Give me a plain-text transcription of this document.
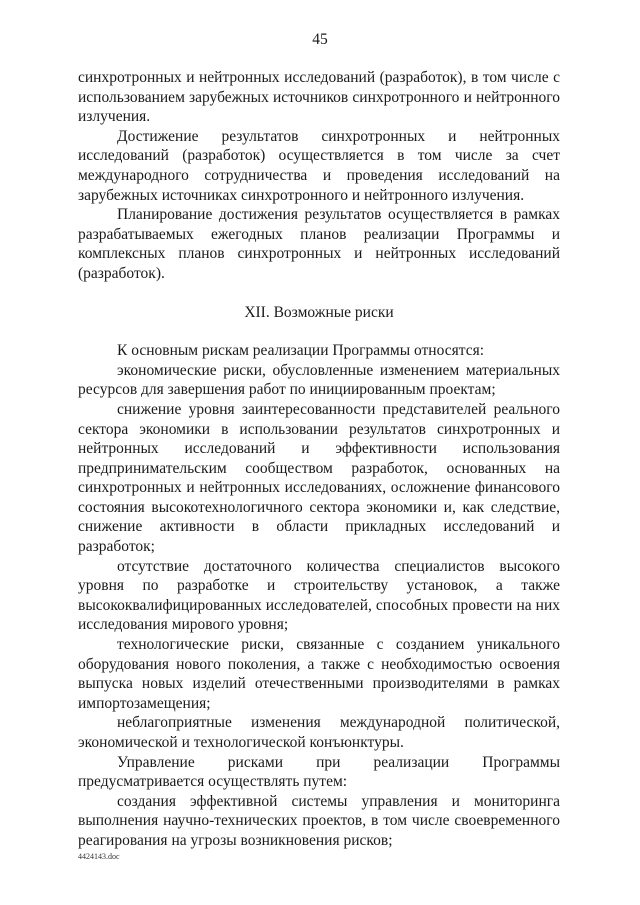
45

синхротронных и нейтронных исследований (разработок), в том числе с использованием зарубежных источников синхротронного и нейтронного излучения.

Достижение результатов синхротронных и нейтронных исследований (разработок) осуществляется в том числе за счет международного сотрудничества и проведения исследований на зарубежных источниках синхротронного и нейтронного излучения.

Планирование достижения результатов осуществляется в рамках разрабатываемых ежегодных планов реализации Программы и комплексных планов синхротронных и нейтронных исследований (разработок).

XII. Возможные риски

К основным рискам реализации Программы относятся:

экономические риски, обусловленные изменением материальных ресурсов для завершения работ по инициированным проектам;

снижение уровня заинтересованности представителей реального сектора экономики в использовании результатов синхротронных и нейтронных исследований и эффективности использования предпринимательским сообществом разработок, основанных на синхротронных и нейтронных исследованиях, осложнение финансового состояния высокотехнологичного сектора экономики и, как следствие, снижение активности в области прикладных исследований и разработок;

отсутствие достаточного количества специалистов высокого уровня по разработке и строительству установок, а также высококвалифицированных исследователей, способных провести на них исследования мирового уровня;

технологические риски, связанные с созданием уникального оборудования нового поколения, а также с необходимостью освоения выпуска новых изделий отечественными производителями в рамках импортозамещения;

неблагоприятные изменения международной политической, экономической и технологической конъюнктуры.

Управление рисками при реализации Программы предусматривается осуществлять путем:

создания эффективной системы управления и мониторинга выполнения научно-технических проектов, в том числе своевременного реагирования на угрозы возникновения рисков;

4424143.doc
